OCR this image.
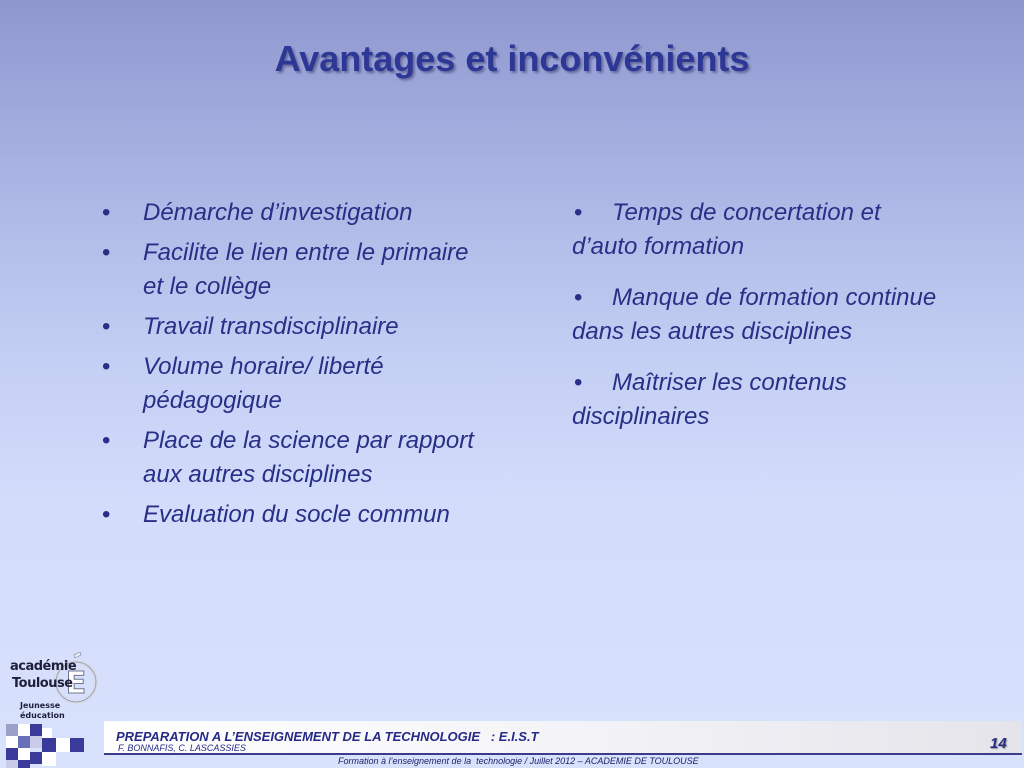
Avantages et inconvénients
• Démarche d’investigation
• Facilite le lien entre le primaire et le collège
• Travail transdisciplinaire
• Volume horaire/ liberté pédagogique
• Place de la science par rapport aux autres disciplines
• Evaluation du socle commun

• Temps de concertation et d’auto formation

• Manque de formation continue dans les autres disciplines

• Maîtriser les contenus disciplinaires

E
académie
Toulouse
Jeunesse
éducation
PREPARATION A L’ENSEIGNEMENT DE LA TECHNOLOGIE   : E.I.S.T
F. BONNAFIS, C. LASCASSIES	14
Formation à l’enseignement de la  technologie / Juillet 2012 – ACADEMIE DE TOULOUSE
